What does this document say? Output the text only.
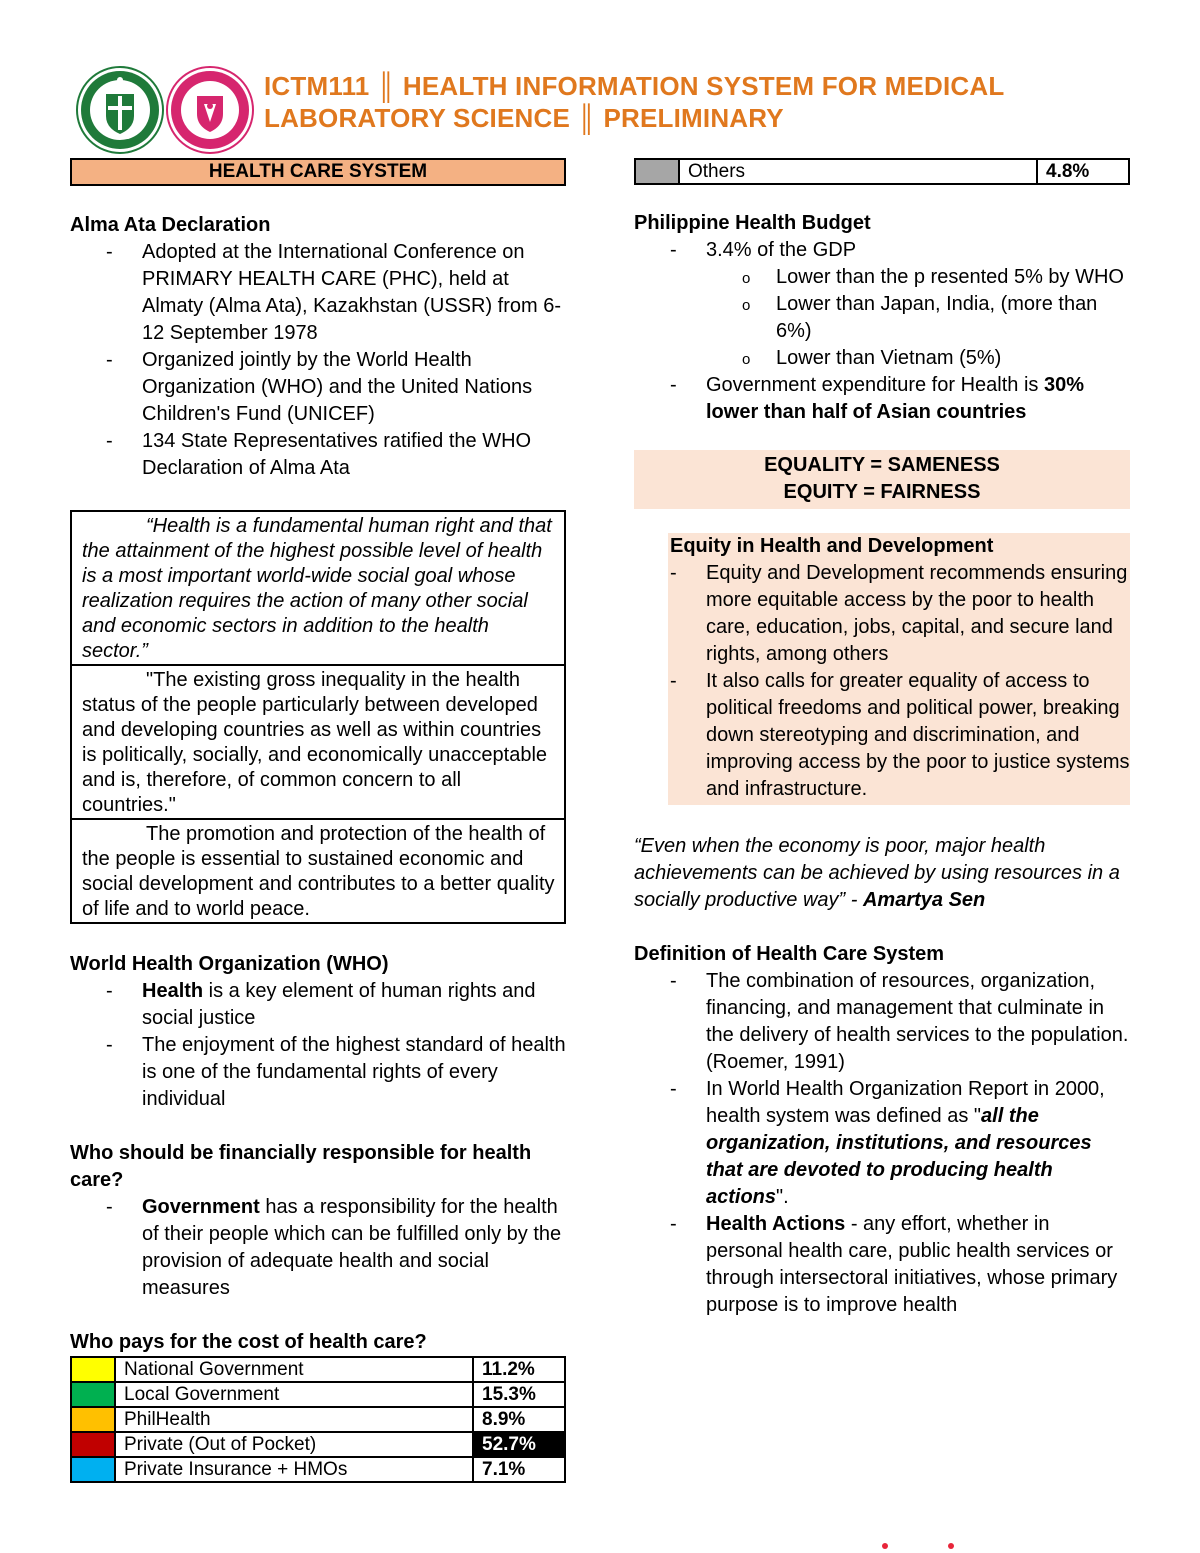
ICTM111 ║ HEALTH INFORMATION SYSTEM FOR MEDICAL LABORATORY SCIENCE ║ PRELIMINARY
HEALTH CARE SYSTEM
Alma Ata Declaration
- Adopted at the International Conference on PRIMARY HEALTH CARE (PHC), held at Almaty (Alma Ata), Kazakhstan (USSR) from 6-12 September 1978
- Organized jointly by the World Health Organization (WHO) and the United Nations Children's Fund (UNICEF)
- 134 State Representatives ratified the WHO Declaration of Alma Ata
“Health is a fundamental human right and that the attainment of the highest possible level of health is a most important world-wide social goal whose realization requires the action of many other social and economic sectors in addition to the health sector.”
"The existing gross inequality in the health status of the people particularly between developed and developing countries as well as within countries is politically, socially, and economically unacceptable and is, therefore, of common concern to all countries."
The promotion and protection of the health of the people is essential to sustained economic and social development and contributes to a better quality of life and to world peace.
World Health Organization (WHO)
- Health is a key element of human rights and social justice
- The enjoyment of the highest standard of health is one of the fundamental rights of every individual
Who should be financially responsible for health care?
- Government has a responsibility for the health of their people which can be fulfilled only by the provision of adequate health and social measures
Who pays for the cost of health care?
	National Government	11.2%
	Local Government	15.3%
	PhilHealth	8.9%
	Private (Out of Pocket)	52.7%
	Private Insurance + HMOs	7.1%
	Others	4.8%
Philippine Health Budget
- 3.4% of the GDP
o Lower than the p resented 5% by WHO
o Lower than Japan, India, (more than 6%)
o Lower than Vietnam (5%)
- Government expenditure for Health is 30% lower than half of Asian countries
EQUALITY = SAMENESS
EQUITY = FAIRNESS
Equity in Health and Development
- Equity and Development recommends ensuring more equitable access by the poor to health care, education, jobs, capital, and secure land rights, among others
- It also calls for greater equality of access to political freedoms and political power, breaking down stereotyping and discrimination, and improving access by the poor to justice systems and infrastructure.

“Even when the economy is poor, major health achievements can be achieved by using resources in a socially productive way” - Amartya Sen

Definition of Health Care System
- The combination of resources, organization, financing, and management that culminate in the delivery of health services to the population. (Roemer, 1991)
- In World Health Organization Report in 2000, health system was defined as "all the organization, institutions, and resources that are devoted to producing health actions".
- Health Actions - any effort, whether in personal health care, public health services or through intersectoral initiatives, whose primary purpose is to improve health
